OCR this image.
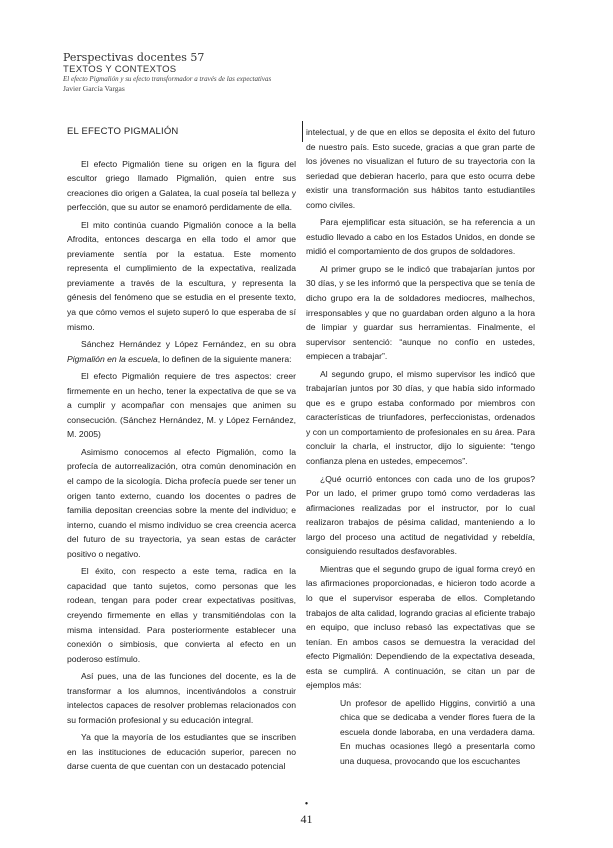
Perspectivas docentes 57
TEXTOS Y CONTEXTOS
El efecto Pigmalión y su efecto transformador a través de las expectativas
Javier García Vargas
EL EFECTO PIGMALIÓN

El efecto Pigmalión tiene su origen en la figura del escultor griego llamado Pigmalión, quien entre sus creaciones dio origen a Galatea, la cual poseía tal belleza y perfección, que su autor se enamoró perdidamente de ella.

El mito continúa cuando Pigmalión conoce a la bella Afrodita, entonces descarga en ella todo el amor que previamente sentía por la estatua. Este momento representa el cumplimiento de la expectativa, realizada previamente a través de la escultura, y representa la génesis del fenómeno que se estudia en el presente texto, ya que cómo vemos el sujeto superó lo que esperaba de sí mismo.

Sánchez Hernández y López Fernández, en su obra Pigmalión en la escuela, lo definen de la siguiente manera:

El efecto Pigmalión requiere de tres aspectos: creer firmemente en un hecho, tener la expectativa de que se va a cumplir y acompañar con mensajes que animen su consecución. (Sánchez Hernández, M. y López Fernández, M. 2005)

Asimismo conocemos al efecto Pigmalión, como la profecía de autorrealización, otra común denominación en el campo de la sicología. Dicha profecía puede ser tener un origen tanto externo, cuando los docentes o padres de familia depositan creencias sobre la mente del individuo; e interno, cuando el mismo individuo se crea creencia acerca del futuro de su trayectoria, ya sean estas de carácter positivo o negativo.

El éxito, con respecto a este tema, radica en la capacidad que tanto sujetos, como personas que les rodean, tengan para poder crear expectativas positivas, creyendo firmemente en ellas y transmitiéndolas con la misma intensidad. Para posteriormente establecer una conexión o simbiosis, que convierta al efecto en un poderoso estímulo.

Así pues, una de las funciones del docente, es la de transformar a los alumnos, incentivándolos a construir intelectos capaces de resolver problemas relacionados con su formación profesional y su educación integral.

Ya que la mayoría de los estudiantes que se inscriben en las instituciones de educación superior, parecen no darse cuenta de que cuentan con un destacado potencial

intelectual, y de que en ellos se deposita el éxito del futuro de nuestro país. Esto sucede, gracias a que gran parte de los jóvenes no visualizan el futuro de su trayectoria con la seriedad que debieran hacerlo, para que esto ocurra debe existir una transformación sus hábitos tanto estudiantiles como civiles.

Para ejemplificar esta situación, se ha referencia a un estudio llevado a cabo en los Estados Unidos, en donde se midió el comportamiento de dos grupos de soldadores.

Al primer grupo se le indicó que trabajarían juntos por 30 días, y se les informó que la perspectiva que se tenía de dicho grupo era la de soldadores mediocres, malhechos, irresponsables y que no guardaban orden alguno a la hora de limpiar y guardar sus herramientas. Finalmente, el supervisor sentenció: “aunque no confío en ustedes, empiecen a trabajar”.

Al segundo grupo, el mismo supervisor les indicó que trabajarían juntos por 30 días, y que había sido informado que es e grupo estaba conformado por miembros con características de triunfadores, perfeccionistas, ordenados y con un comportamiento de profesionales en su área. Para concluir la charla, el instructor, dijo lo siguiente: “tengo confianza plena en ustedes, empecemos”.

¿Qué ocurrió entonces con cada uno de los grupos? Por un lado, el primer grupo tomó como verdaderas las afirmaciones realizadas por el instructor, por lo cual realizaron trabajos de pésima calidad, manteniendo a lo largo del proceso una actitud de negatividad y rebeldía, consiguiendo resultados desfavorables.

Mientras que el segundo grupo de igual forma creyó en las afirmaciones proporcionadas, e hicieron todo acorde a lo que el supervisor esperaba de ellos. Completando trabajos de alta calidad, logrando gracias al eficiente trabajo en equipo, que incluso rebasó las expectativas que se tenían. En ambos casos se demuestra la veracidad del efecto Pigmalión: Dependiendo de la expectativa deseada, esta se cumplirá. A continuación, se citan un par de ejemplos más:

Un profesor de apellido Higgins, convirtió a una chica que se dedicaba a vender flores fuera de la escuela donde laboraba, en una verdadera dama. En muchas ocasiones llegó a presentarla como una duquesa, provocando que los escuchantes

•
41
